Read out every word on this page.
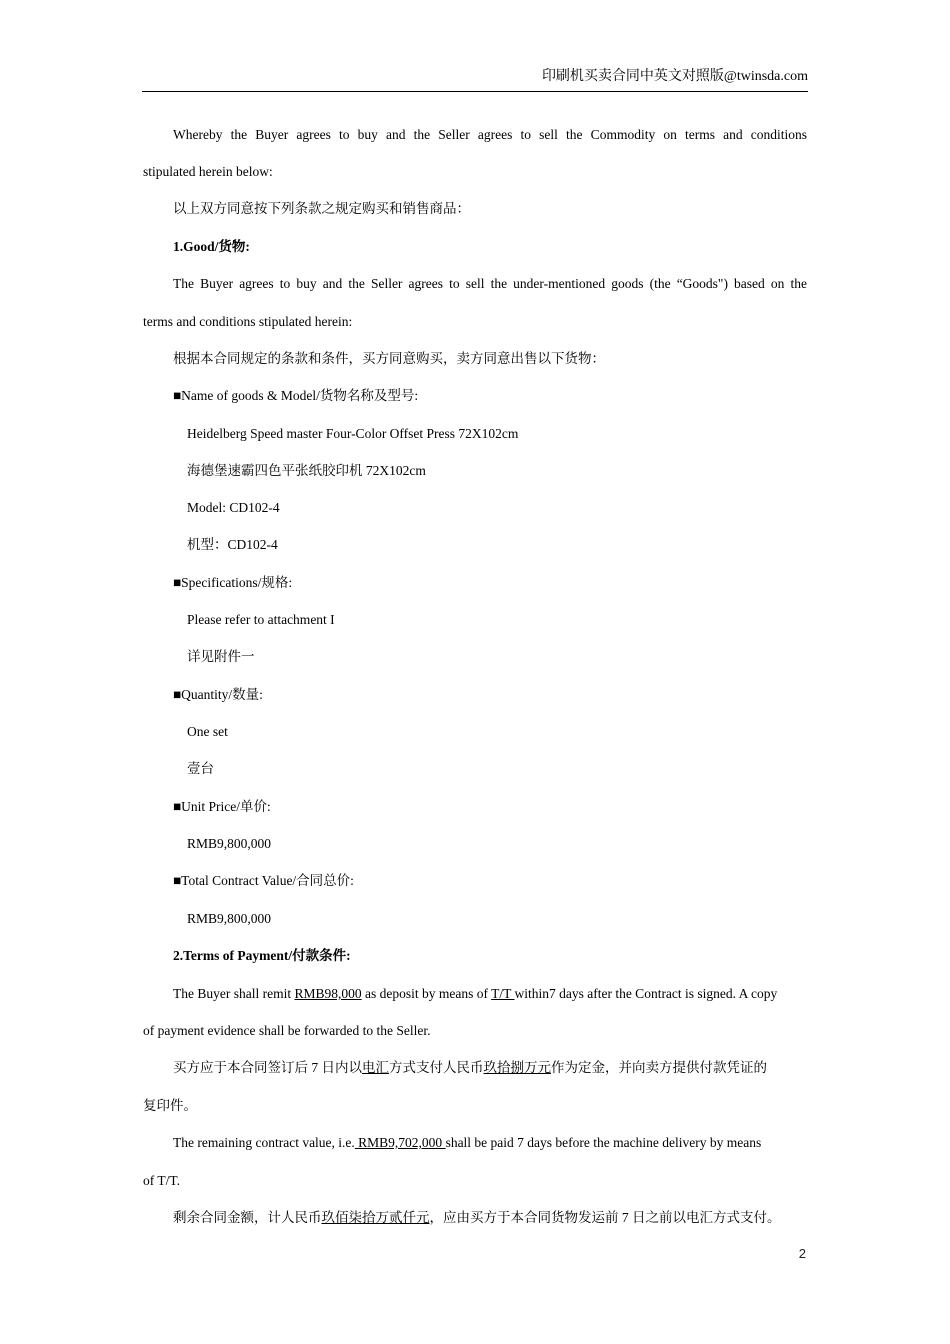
印刷机买卖合同中英文对照版@twinsda.com
Whereby the Buyer agrees to buy and the Seller agrees to sell the Commodity on terms and conditions
stipulated herein below:
以上双方同意按下列条款之规定购买和销售商品：
1.Good/货物:
The Buyer agrees to buy and the Seller agrees to sell the under-mentioned goods (the “Goods") based on the
terms and conditions stipulated herein:
根据本合同规定的条款和条件，买方同意购买，卖方同意出售以下货物：
■Name of goods & Model/货物名称及型号:
Heidelberg Speed master Four-Color Offset Press 72X102cm
海德堡速霸四色平张纸胶印机 72X102cm
Model: CD102-4
机型：CD102-4
■Specifications/规格:
Please refer to attachment I
详见附件一
■Quantity/数量:
One set
壹台
■Unit Price/单价:
RMB9,800,000
■Total Contract Value/合同总价:
RMB9,800,000
2.Terms of Payment/付款条件:
The Buyer shall remit RMB98,000 as deposit by means of T/T within7 days after the Contract is signed. A copy
of payment evidence shall be forwarded to the Seller.
买方应于本合同签订后 7 日内以电汇方式支付人民币玖拾捌万元作为定金，并向卖方提供付款凭证的
复印件。
The remaining contract value, i.e. RMB9,702,000 shall be paid 7 days before the machine delivery by means
of T/T.
剩余合同金额，计人民币玖佰柒拾万贰仟元，应由买方于本合同货物发运前 7 日之前以电汇方式支付。
2
